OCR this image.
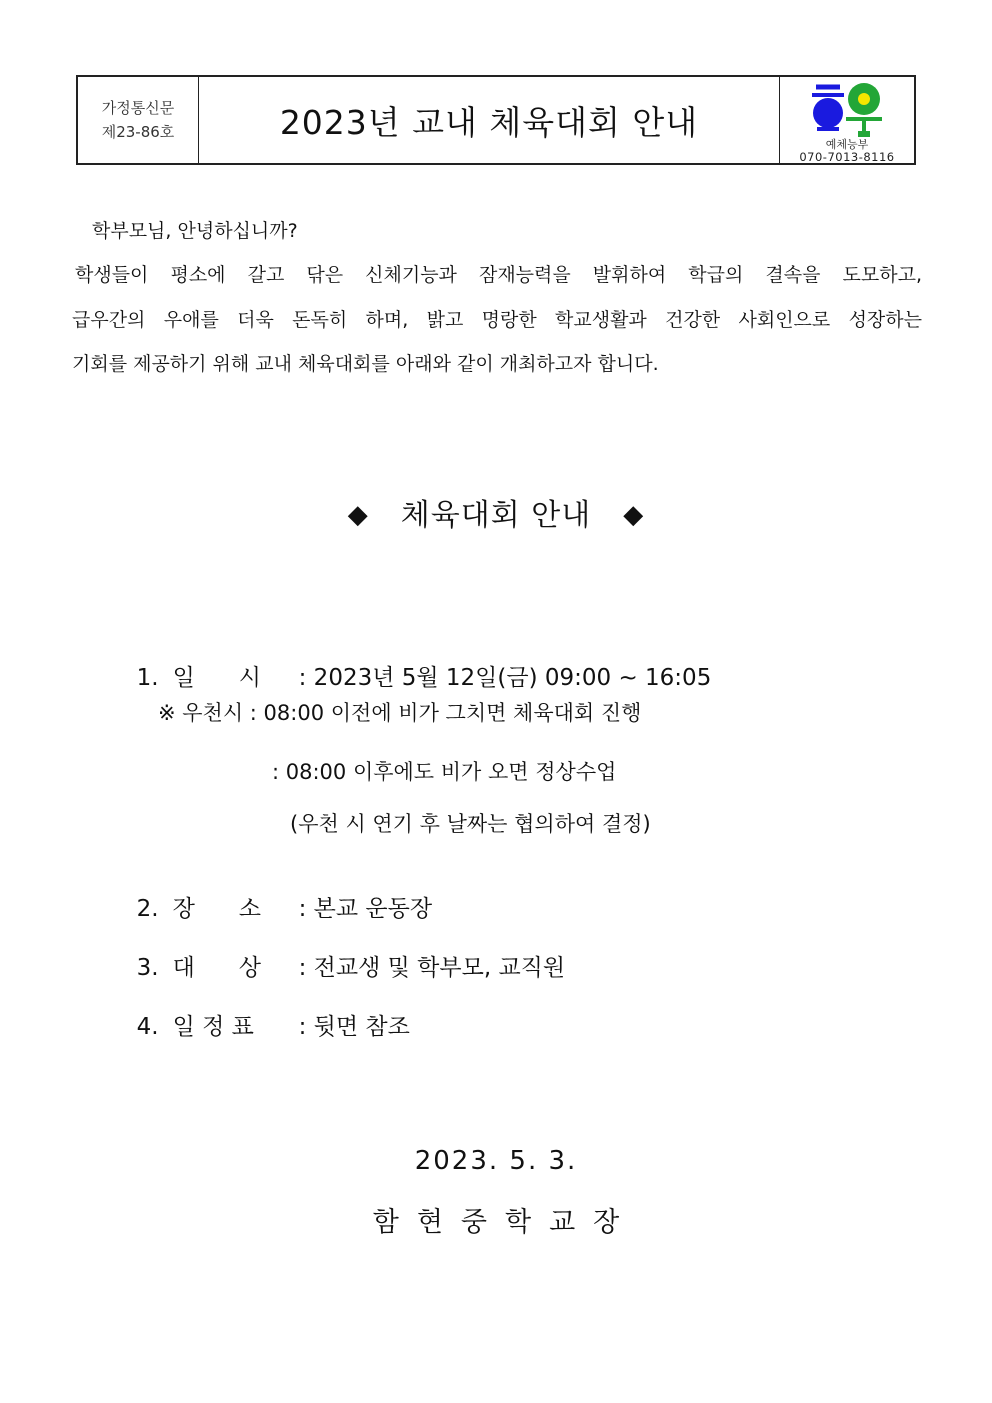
가정통신문
제23-86호	2023년 교내 체육대회 안내
예체능부
070-7013-8116
학부모님, 안녕하십니까?
학생들이 평소에 갈고 닦은 신체기능과 잠재능력을 발휘하여 학급의 결속을 도모하고,
급우간의 우애를 더욱 돈독히 하며, 밝고 명랑한 학교생활과 건강한 사회인으로 성장하는
기회를 제공하기 위해 교내 체육대회를 아래와 같이 개최하고자 합니다.
◆ 체육대회 안내 ◆

1. 일      시 : 2023년 5월 12일(금) 09:00 ~ 16:05

※ 우천시 : 08:00 이전에 비가 그치면 체육대회 진행
: 08:00 이후에도 비가 오면 정상수업
(우천 시 연기 후 날짜는 협의하여 결정)

2. 장      소 : 본교 운동장

3. 대      상 : 전교생 및 학부모, 교직원

4. 일 정 표 : 뒷면 참조

2023. 5. 3.
함현중학교장
